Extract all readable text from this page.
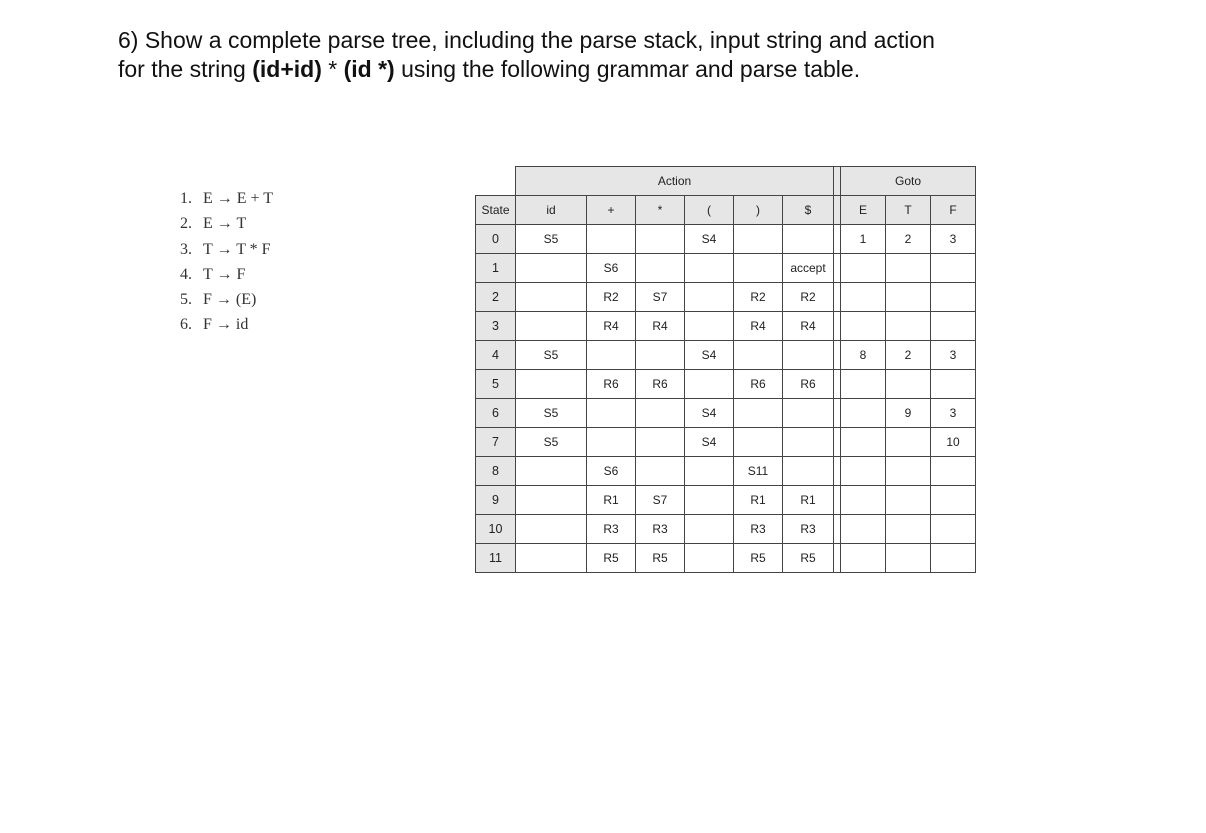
6) Show a complete parse tree, including the parse stack, input string and action
for the string (id+id) * (id *) using the following grammar and parse table.
1. E → E + T
2. E → T
3. T → T * F
4. T → F
5. F → (E)
6. F → id
	Action							Goto		
State	id	+	*	(	)	$		E	T	F
0	S5			S4				1	2	3
1		S6				accept				
2		R2	S7		R2	R2				
3		R4	R4		R4	R4				
4	S5			S4				8	2	3
5		R6	R6		R6	R6				
6	S5			S4					9	3
7	S5			S4						10
8		S6			S11					
9		R1	S7		R1	R1				
10		R3	R3		R3	R3				
11		R5	R5		R5	R5				
